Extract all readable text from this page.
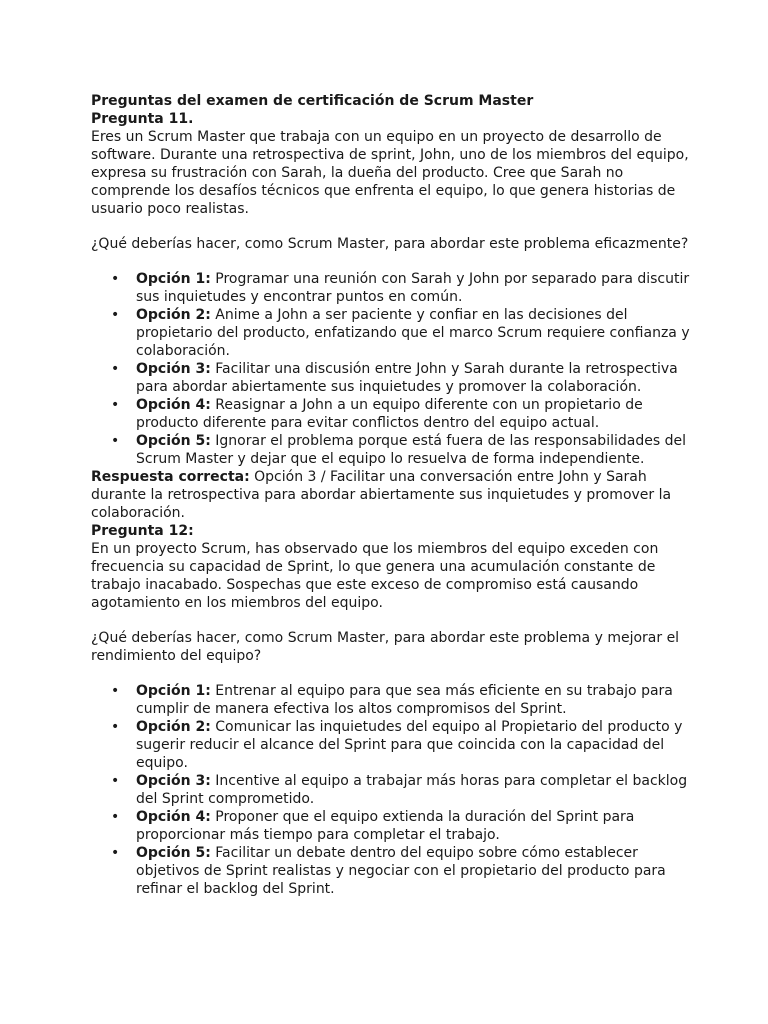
Preguntas del examen de certificación de Scrum Master

Pregunta 11.

Eres un Scrum Master que trabaja con un equipo en un proyecto de desarrollo de software. Durante una retrospectiva de sprint, John, uno de los miembros del equipo, expresa su frustración con Sarah, la dueña del producto. Cree que Sarah no comprende los desafíos técnicos que enfrenta el equipo, lo que genera historias de usuario poco realistas.

¿Qué deberías hacer, como Scrum Master, para abordar este problema eficazmente?

• Opción 1: Programar una reunión con Sarah y John por separado para discutir sus inquietudes y encontrar puntos en común.
• Opción 2: Anime a John a ser paciente y confiar en las decisiones del propietario del producto, enfatizando que el marco Scrum requiere confianza y colaboración.
• Opción 3: Facilitar una discusión entre John y Sarah durante la retrospectiva para abordar abiertamente sus inquietudes y promover la colaboración.
• Opción 4: Reasignar a John a un equipo diferente con un propietario de producto diferente para evitar conflictos dentro del equipo actual.
• Opción 5: Ignorar el problema porque está fuera de las responsabilidades del Scrum Master y dejar que el equipo lo resuelva de forma independiente.

Respuesta correcta: Opción 3 / Facilitar una conversación entre John y Sarah durante la retrospectiva para abordar abiertamente sus inquietudes y promover la colaboración.

Pregunta 12:

En un proyecto Scrum, has observado que los miembros del equipo exceden con frecuencia su capacidad de Sprint, lo que genera una acumulación constante de trabajo inacabado. Sospechas que este exceso de compromiso está causando agotamiento en los miembros del equipo.

¿Qué deberías hacer, como Scrum Master, para abordar este problema y mejorar el rendimiento del equipo?

• Opción 1: Entrenar al equipo para que sea más eficiente en su trabajo para cumplir de manera efectiva los altos compromisos del Sprint.
• Opción 2: Comunicar las inquietudes del equipo al Propietario del producto y sugerir reducir el alcance del Sprint para que coincida con la capacidad del equipo.
• Opción 3: Incentive al equipo a trabajar más horas para completar el backlog del Sprint comprometido.
• Opción 4: Proponer que el equipo extienda la duración del Sprint para proporcionar más tiempo para completar el trabajo.
• Opción 5: Facilitar un debate dentro del equipo sobre cómo establecer objetivos de Sprint realistas y negociar con el propietario del producto para refinar el backlog del Sprint.
